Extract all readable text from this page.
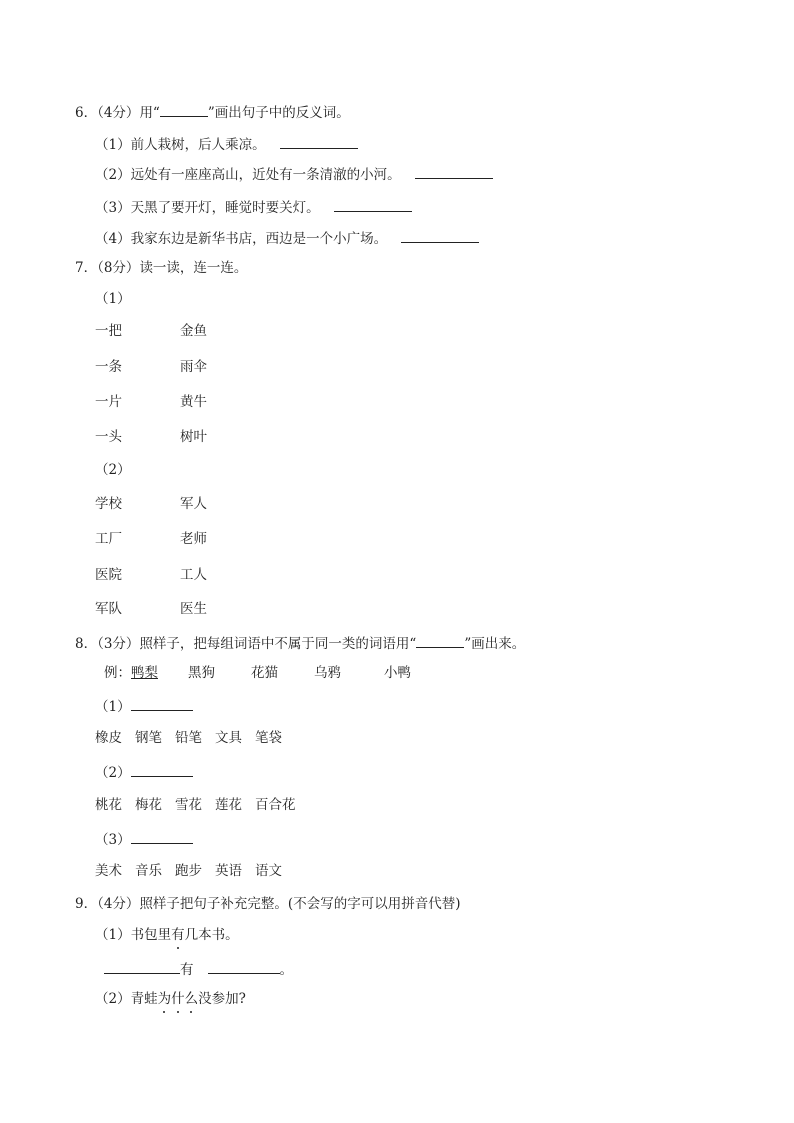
6．（4分）用“	”画出句子中的反义词。
（1）前人栽树，后人乘凉。
（2）远处有一座座高山，近处有一条清澈的小河。
（3）天黑了要开灯，睡觉时要关灯。
（4）我家东边是新华书店，西边是一个小广场。
7．（8分）读一读，连一连。
（1）
一把	金鱼
一条	雨伞
一片	黄牛
一头	树叶
（2）
学校	军人
工厂	老师
医院	工人
军队	医生
8．（3分）照样子，把每组词语中不属于同一类的词语用“	”画出来。
例：鸭梨 黑狗	花猫	乌鸦	小鸭
（1）
橡皮 钢笔 铅笔 文具 笔袋
（2）
桃花 梅花 雪花 莲花 百合花
（3）
美术 音乐 跑步 英语 语文
9．（4分）照样子把句子补充完整。(不会写的字可以用拼音代替)
（1）书包里有几本书。
有	。
（2）青蛙为什么没参加?
